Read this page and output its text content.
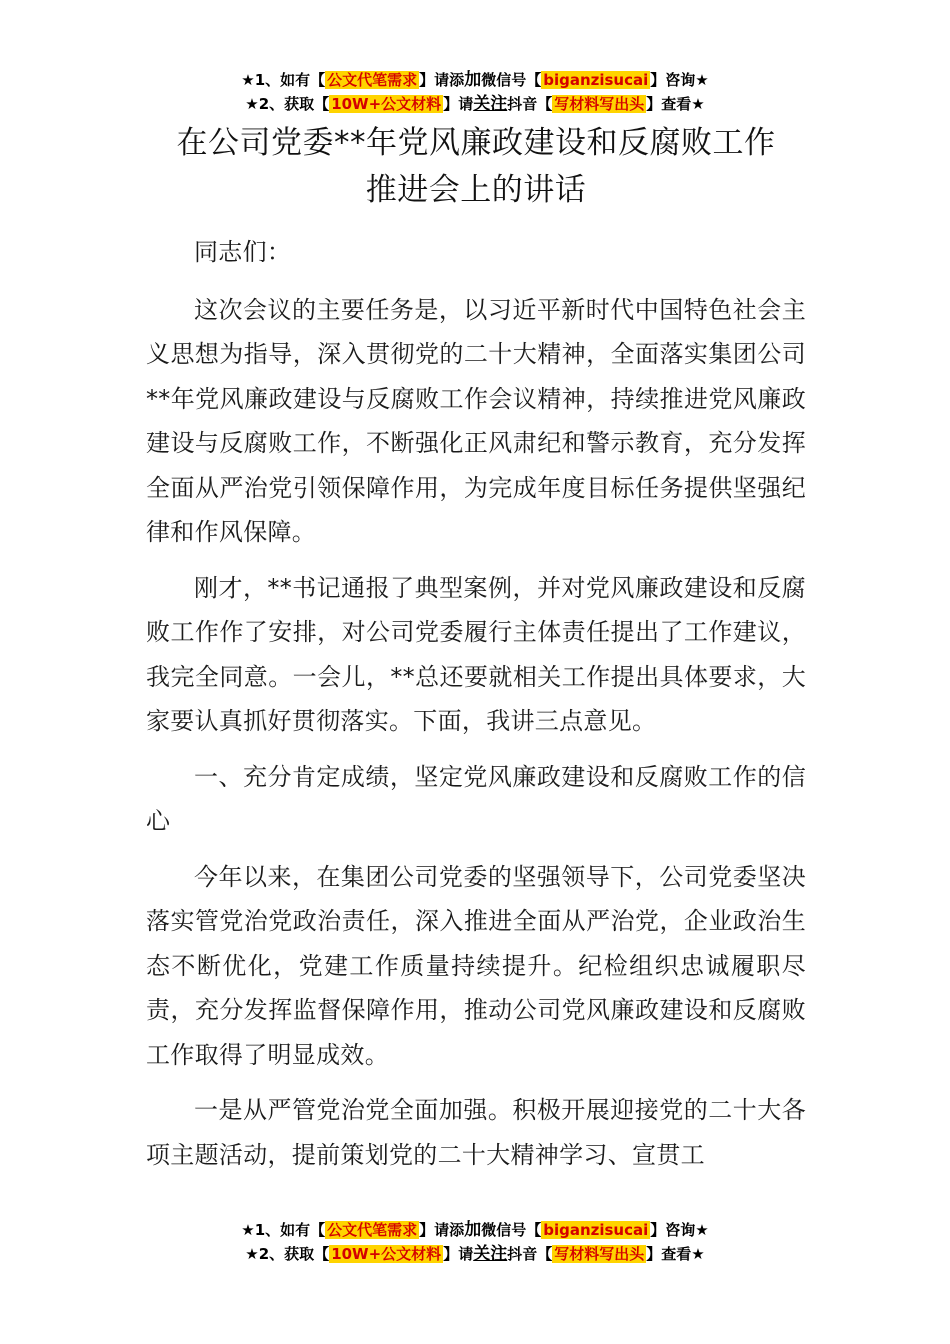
★1、如有【 公文代笔需求 】请添加微信号【 biganzisucai 】咨询★
★2、获取【 10W+公文材料 】请关注抖音【 写材料写出头 】查看★
在公司党委**年党风廉政建设和反腐败工作
推进会上的讲话

同志们：

这次会议的主要任务是，以习近平新时代中国特色社会主义思想为指导，深入贯彻党的二十大精神，全面落实集团公司**年党风廉政建设与反腐败工作会议精神，持续推进党风廉政建设与反腐败工作，不断强化正风肃纪和警示教育，充分发挥全面从严治党引领保障作用，为完成年度目标任务提供坚强纪律和作风保障。

刚才，**书记通报了典型案例，并对党风廉政建设和反腐败工作作了安排，对公司党委履行主体责任提出了工作建议，我完全同意。一会儿，**总还要就相关工作提出具体要求，大家要认真抓好贯彻落实。下面，我讲三点意见。

一、充分肯定成绩，坚定党风廉政建设和反腐败工作的信心

今年以来，在集团公司党委的坚强领导下，公司党委坚决落实管党治党政治责任，深入推进全面从严治党，企业政治生态不断优化，党建工作质量持续提升。纪检组织忠诚履职尽责，充分发挥监督保障作用，推动公司党风廉政建设和反腐败工作取得了明显成效。

一是从严管党治党全面加强。积极开展迎接党的二十大各项主题活动，提前策划党的二十大精神学习、宣贯工

★1、如有【 公文代笔需求 】请添加微信号【 biganzisucai 】咨询★
★2、获取【 10W+公文材料 】请关注抖音【 写材料写出头 】查看★
